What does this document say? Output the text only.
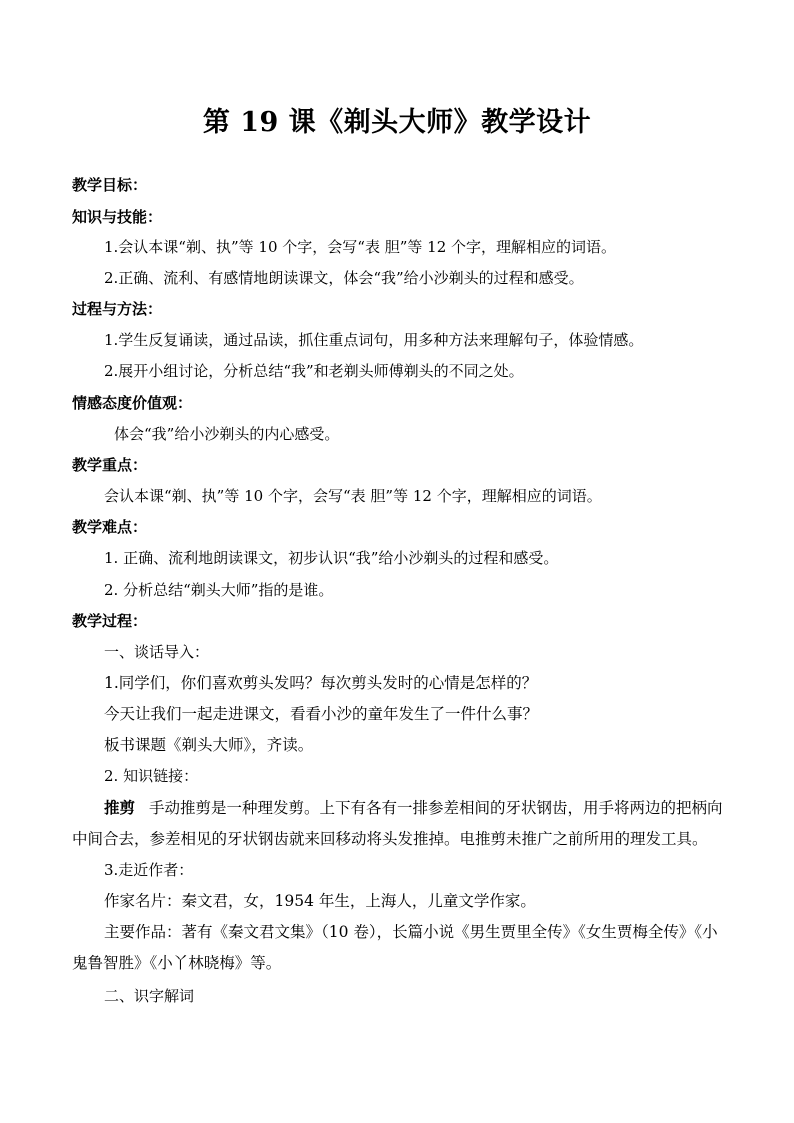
第 19 课《剃头大师》教学设计
教学目标：
知识与技能：
1.会认本课“剃、执”等 10 个字，会写“表 胆”等 12 个字，理解相应的词语。
2.正确、流利、有感情地朗读课文，体会“我”给小沙剃头的过程和感受。
过程与方法：
1.学生反复诵读，通过品读，抓住重点词句，用多种方法来理解句子，体验情感。
2.展开小组讨论，分析总结“我”和老剃头师傅剃头的不同之处。
情感态度价值观：
体会“我”给小沙剃头的内心感受。
教学重点：
会认本课“剃、执”等 10 个字，会写“表 胆”等 12 个字，理解相应的词语。
教学难点：
1. 正确、流利地朗读课文，初步认识“我”给小沙剃头的过程和感受。
2. 分析总结“剃头大师”指的是谁。
教学过程：
一、谈话导入：
1.同学们，你们喜欢剪头发吗？每次剪头发时的心情是怎样的？
今天让我们一起走进课文，看看小沙的童年发生了一件什么事？
板书课题《剃头大师》，齐读。
2. 知识链接：
推剪 手动推剪是一种理发剪。上下有各有一排参差相间的牙状钢齿，用手将两边的把柄向中间合去，参差相见的牙状钢齿就来回移动将头发推掉。电推剪未推广之前所用的理发工具。
3.走近作者：
作家名片：秦文君，女，1954 年生，上海人，儿童文学作家。
主要作品：著有《秦文君文集》（10 卷），长篇小说《男生贾里全传》《女生贾梅全传》《小鬼鲁智胜》《小丫林晓梅》等。
二、识字解词
